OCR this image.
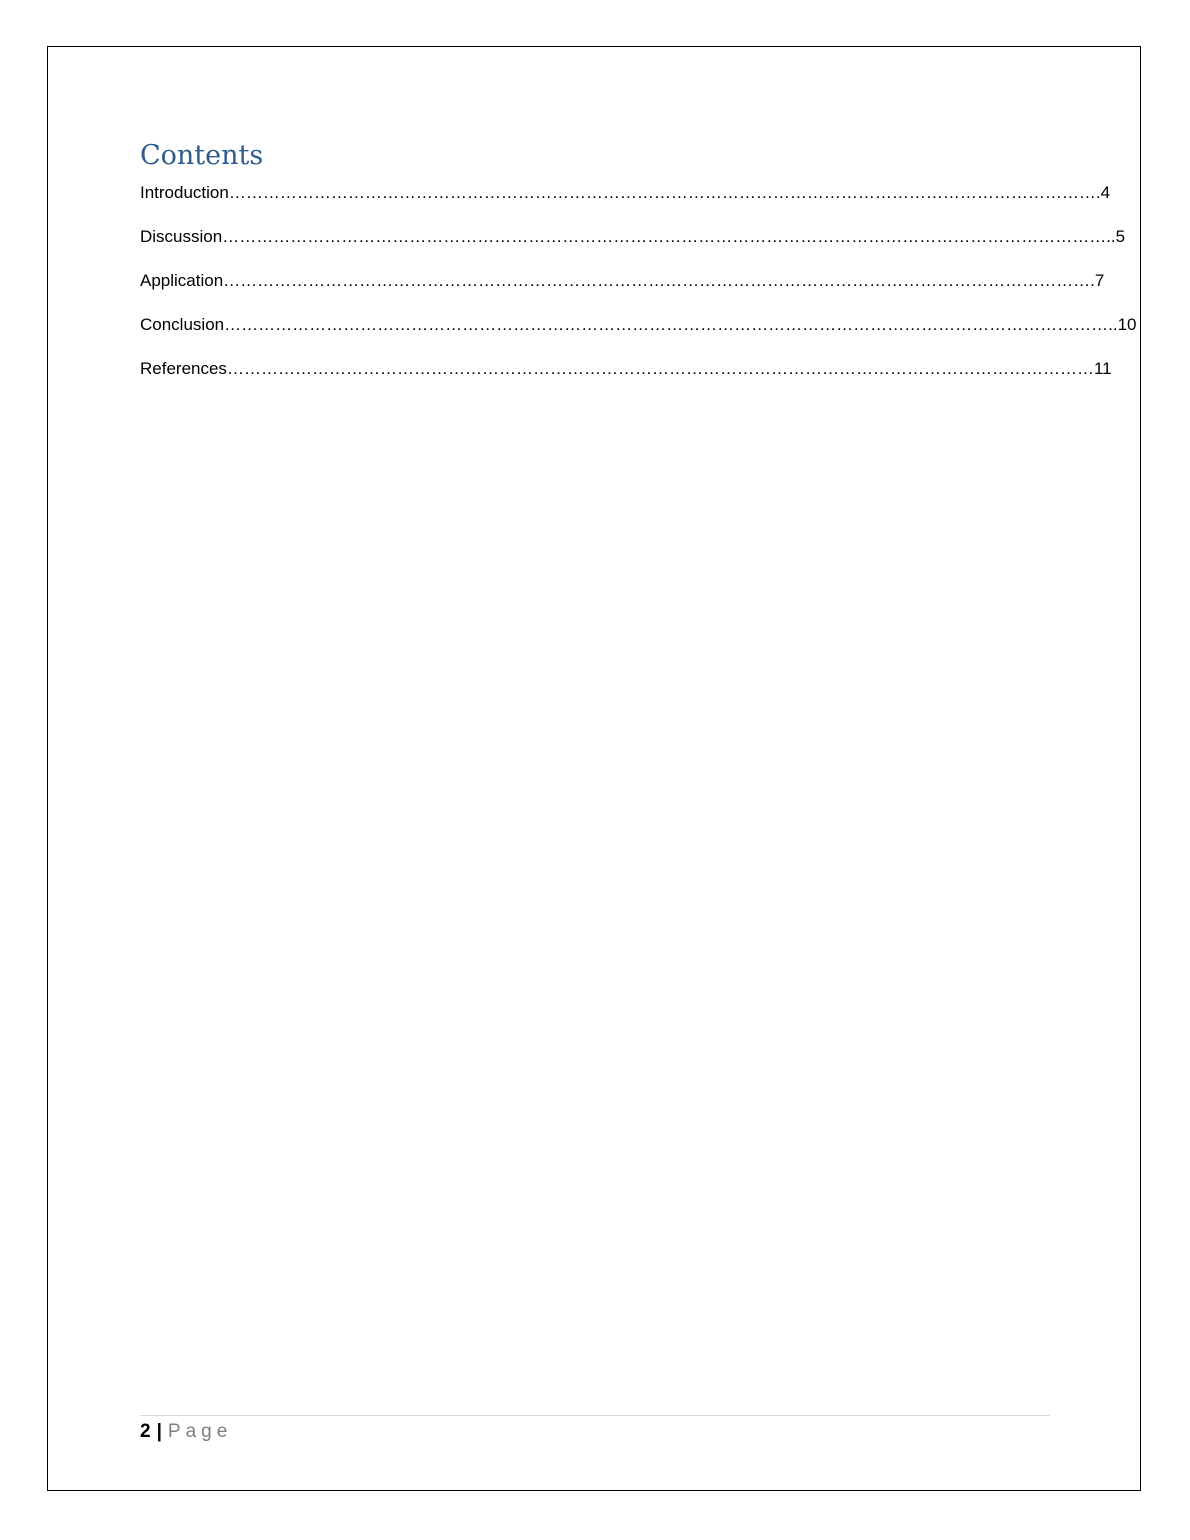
Contents
Introduction……………………………………………………………………………………………………………………………………….4
Discussion…………………………………………………………………………………………………………………………………………..5
Application……………………………………………………………………………………………………………………………………….7
Conclusion…………………………………………………………………………………………………………………………………………..10
References………………………………………………………………………………………………………………………………………11
2 | Page
